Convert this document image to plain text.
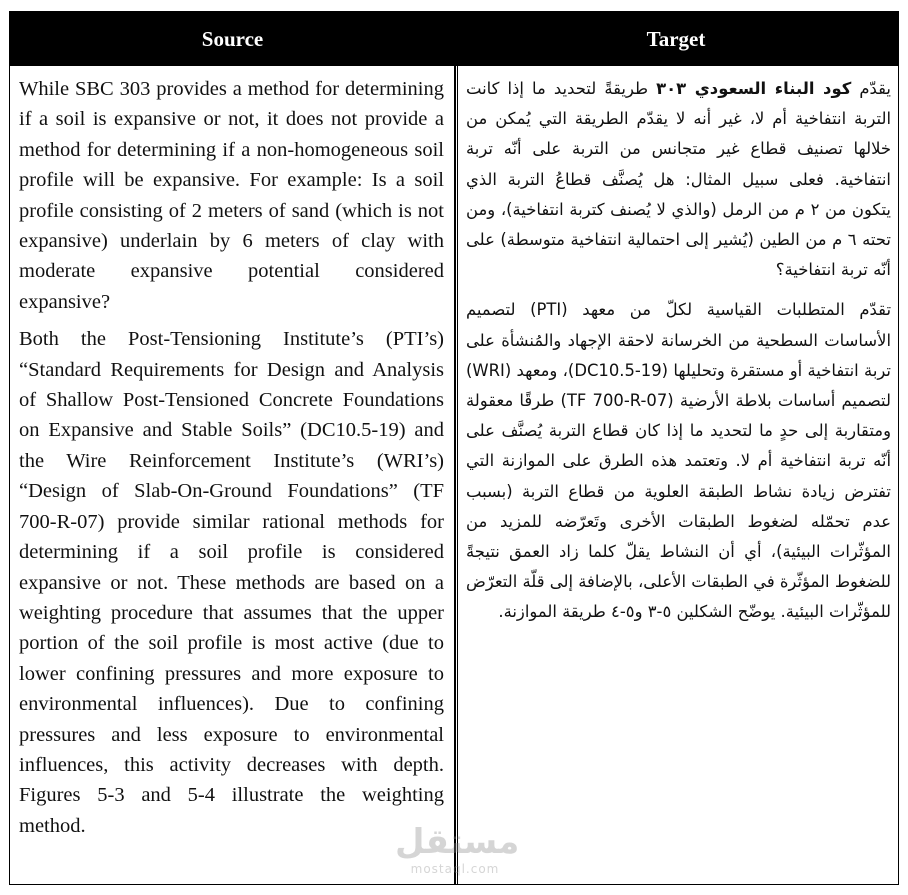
Source	Target

While SBC 303 provides a method for determining if a soil is expansive or not, it does not provide a method for determining if a non-homogeneous soil profile will be expansive. For example: Is a soil profile consisting of 2 meters of sand (which is not expansive) underlain by 6 meters of clay with moderate expansive potential considered expansive?

Both the Post-Tensioning Institute’s (PTI’s) “Standard Requirements for Design and Analysis of Shallow Post-Tensioned Concrete Foundations on Expansive and Stable Soils” (DC10.5-19) and the Wire Reinforcement Institute’s (WRI’s) “Design of Slab-On-Ground Foundations” (TF 700-R-07) provide similar rational methods for determining if a soil profile is considered expansive or not. These methods are based on a weighting procedure that assumes that the upper portion of the soil profile is most active (due to lower confining pressures and more exposure to environmental influences). Due to confining pressures and less exposure to environmental influences, this activity decreases with depth. Figures 5-3 and 5-4 illustrate the weighting method.

يقدّم كود البناء السعودي ٣٠٣ طريقةً لتحديد ما إذا كانت التربة انتفاخية أم لا، غير أنه لا يقدّم الطريقة التي يُمكن من خلالها تصنيف قطاع غير متجانس من التربة على أنّه تربة انتفاخية. فعلى سبيل المثال: هل يُصنَّف قطاعُ التربة الذي يتكون من ٢ م من الرمل (والذي لا يُصنف كتربة انتفاخية)، ومن تحته ٦ م من الطين (يُشير إلى احتمالية انتفاخية متوسطة) على أنّه تربة انتفاخية؟

تقدّم المتطلبات القياسية لكلّ من معهد (PTI) لتصميم الأساسات السطحية من الخرسانة لاحقة الإجهاد والمُنشأة على تربة انتفاخية أو مستقرة وتحليلها (DC10.5-19)، ومعهد (WRI) لتصميم أساسات بلاطة الأرضية (TF 700-R-07) طرقًا معقولة ومتقاربة إلى حدٍ ما لتحديد ما إذا كان قطاع التربة يُصنَّف على أنّه تربة انتفاخية أم لا. وتعتمد هذه الطرق على الموازنة التي تفترض زيادة نشاط الطبقة العلوية من قطاع التربة (بسبب عدم تحمّله لضغوط الطبقات الأخرى وتَعرّضه للمزيد من المؤثّرات البيئية)، أي أن النشاط يقلّ كلما زاد العمق نتيجةً للضغوط المؤثّرة في الطبقات الأعلى، بالإضافة إلى قلّة التعرّض للمؤثّرات البيئية. يوضّح الشكلين ٥-٣ و٥-٤ طريقة الموازنة.

مستقل
mostaql.com
